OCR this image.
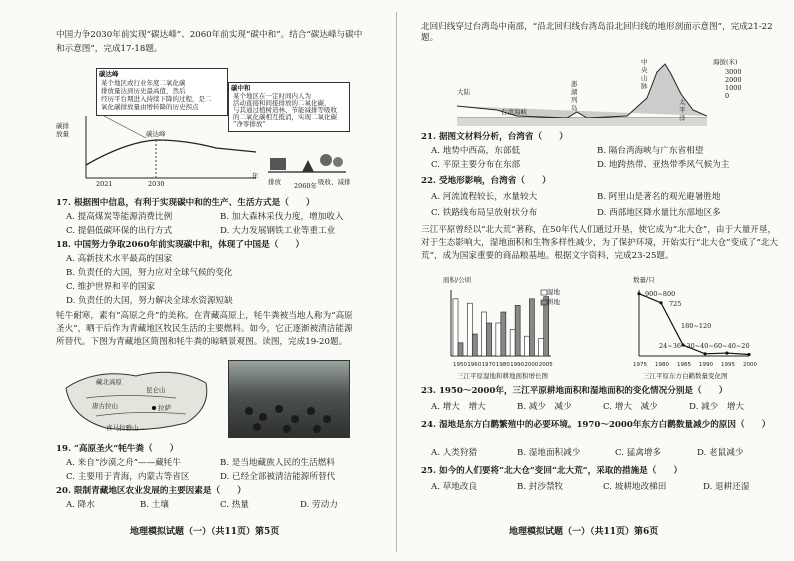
中国力争2030年前实现“碳达峰”、2060年前实现“碳中和”。结合“碳达峰与碳中
和示意图”，完成17-18题。
碳达峰
某个地区或行业年度二氧化碳
排放量达到历史最高值，然后
经历平台期进入持续下降的过程，是二
氧化碳排放量由增转降的历史拐点
碳中和
某个地区在一定时间内人为
活动直接和间接排放的二氧化碳，
与其通过植树造林、节能减排等吸收
的二氧化碳相互抵消，实现二氧化碳
“净零排放”
碳排放量	碳达峰
2021	2030
年
排放	吸收、减排
2060年
17. 根据图中信息，有利于实现碳中和的生产、生活方式是（　　）
A. 提高煤炭等能源消费比例	B. 加大森林采伐力度，增加收入
C. 提倡低碳环保的出行方式	D. 大力发展钢铁工业等重工业
18. 中国努力争取2060年前实现碳中和，体现了中国是（　　）
A. 高新技术水平最高的国家
B. 负责任的大国，努力应对全球气候的变化
C. 维护世界和平的国家
D. 负责任的大国，努力解决全球水资源短缺
牦牛耐寒，素有“高原之舟”的美称。在青藏高原上，牦牛粪被当地人称为“高原圣火”，晒干后作为青藏地区牧民生活的主要燃料。如今，它正逐渐被清洁能源所替代。下图为青藏地区简图和牦牛粪的晾晒景观图。读图，完成19-20题。
藏北高原
拉萨
昆仑山
唐古拉山
喜马拉雅山
19. “高原圣火”牦牛粪（　　）
A. 来自“沙漠之舟”——藏牦牛	B. 是当地藏族人民的生活燃料
C. 主要用于青海，内蒙古等省区	D. 已经全部被清洁能源所替代
20. 限制青藏地区农业发展的主要因素是（　　）
A. 降水	B. 土壤	C. 热量	D. 劳动力
地理模拟试题（一）（共11页）第5页
北回归线穿过台湾岛中南部，“沿北回归线台湾岛沿北回归线的地形剖面示意图”，完成21-22题。
大陆
台湾海峡
澎湖列岛
中央山脉
太平洋
海拔(米)
3000
2000
1000
0
21. 据图文材料分析，台湾省（　　）
A. 地势中西高，东部低	B. 隔台湾海峡与广东省相望
C. 平原主要分布在东部	D. 地跨热带、亚热带季风气候为主
22. 受地形影响，台湾省（　　）
A. 河流流程较长，水量较大	B. 阿里山是著名的观光避暑胜地
C. 铁路线布局呈放射状分布	D. 西部地区降水量比东部地区多
三江平原曾经以“北大荒”著称，在50年代人们通过开垦，使它成为“北大仓”，由于大量开垦，对于生态影响大，湿地面积和生物多样性减少，为了保护环境，开始实行“北大仓”变成了“北大荒”，成为国家重要的商品粮基地。根据文字资料，完成23-25题。
面积/公顷
1950 1960 1970 1980 1990 2000 2005
湿地
耕地
三江平原湿地和耕地面积增长图
数量/只
1975 1980 1985 1990 1995 2000
900~800
725
180~120
24~36~30~40~60~40~20
三江平原东方白鹳数量变化图
23. 1950～2000年，三江平原耕地面积和湿地面积的变化情况分别是（　　）
A. 增大　增大	B. 减少　减少	C. 增大　减少	D. 减少　增大
24. 湿地是东方白鹳繁殖中的必要环境。1970～2000年东方白鹳数量减少的原因（　　）
A. 人类狩猎	B. 湿地面积减少	C. 猛禽增多	D. 老鼠减少
25. 如今的人们要将“北大仓”变回“北大荒”，采取的措施是（　　）
A. 草地改良	B. 封沙禁牧	C. 坡耕地改梯田	D. 退耕还湿
地理模拟试题（一）（共11页）第6页
